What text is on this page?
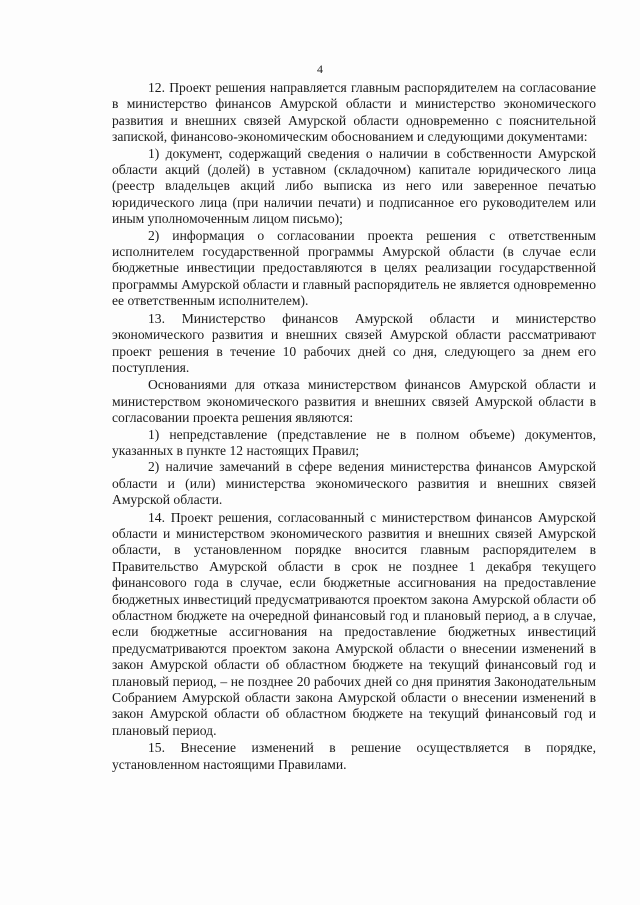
4

12. Проект решения направляется главным распорядителем на согласование в министерство финансов Амурской области и министерство экономического развития и внешних связей Амурской области одновременно с пояснительной запиской, финансово-экономическим обоснованием и следующими документами:

1) документ, содержащий сведения о наличии в собственности Амурской области акций (долей) в уставном (складочном) капитале юридического лица (реестр владельцев акций либо выписка из него или заверенное печатью юридического лица (при наличии печати) и подписанное его руководителем или иным уполномоченным лицом письмо);

2) информация о согласовании проекта решения с ответственным исполнителем государственной программы Амурской области (в случае если бюджетные инвестиции предоставляются в целях реализации государственной программы Амурской области и главный распорядитель не является одновременно ее ответственным исполнителем).

13. Министерство финансов Амурской области и министерство экономического развития и внешних связей Амурской области рассматривают проект решения в течение 10 рабочих дней со дня, следующего за днем его поступления.

Основаниями для отказа министерством финансов Амурской области и министерством экономического развития и внешних связей Амурской области в согласовании проекта решения являются:

1) непредставление (представление не в полном объеме) документов, указанных в пункте 12 настоящих Правил;

2) наличие замечаний в сфере ведения министерства финансов Амурской области и (или) министерства экономического развития и внешних связей Амурской области.

14. Проект решения, согласованный с министерством финансов Амурской области и министерством экономического развития и внешних связей Амурской области, в установленном порядке вносится главным распорядителем в Правительство Амурской области в срок не позднее 1 декабря текущего финансового года в случае, если бюджетные ассигнования на предоставление бюджетных инвестиций предусматриваются проектом закона Амурской области об областном бюджете на очередной финансовый год и плановый период, а в случае, если бюджетные ассигнования на предоставление бюджетных инвестиций предусматриваются проектом закона Амурской области о внесении изменений в закон Амурской области об областном бюджете на текущий финансовый год и плановый период, – не позднее 20 рабочих дней со дня принятия Законодательным Собранием Амурской области закона Амурской области о внесении изменений в закон Амурской области об областном бюджете на текущий финансовый год и плановый период.

15. Внесение изменений в решение осуществляется в порядке, установленном настоящими Правилами.
